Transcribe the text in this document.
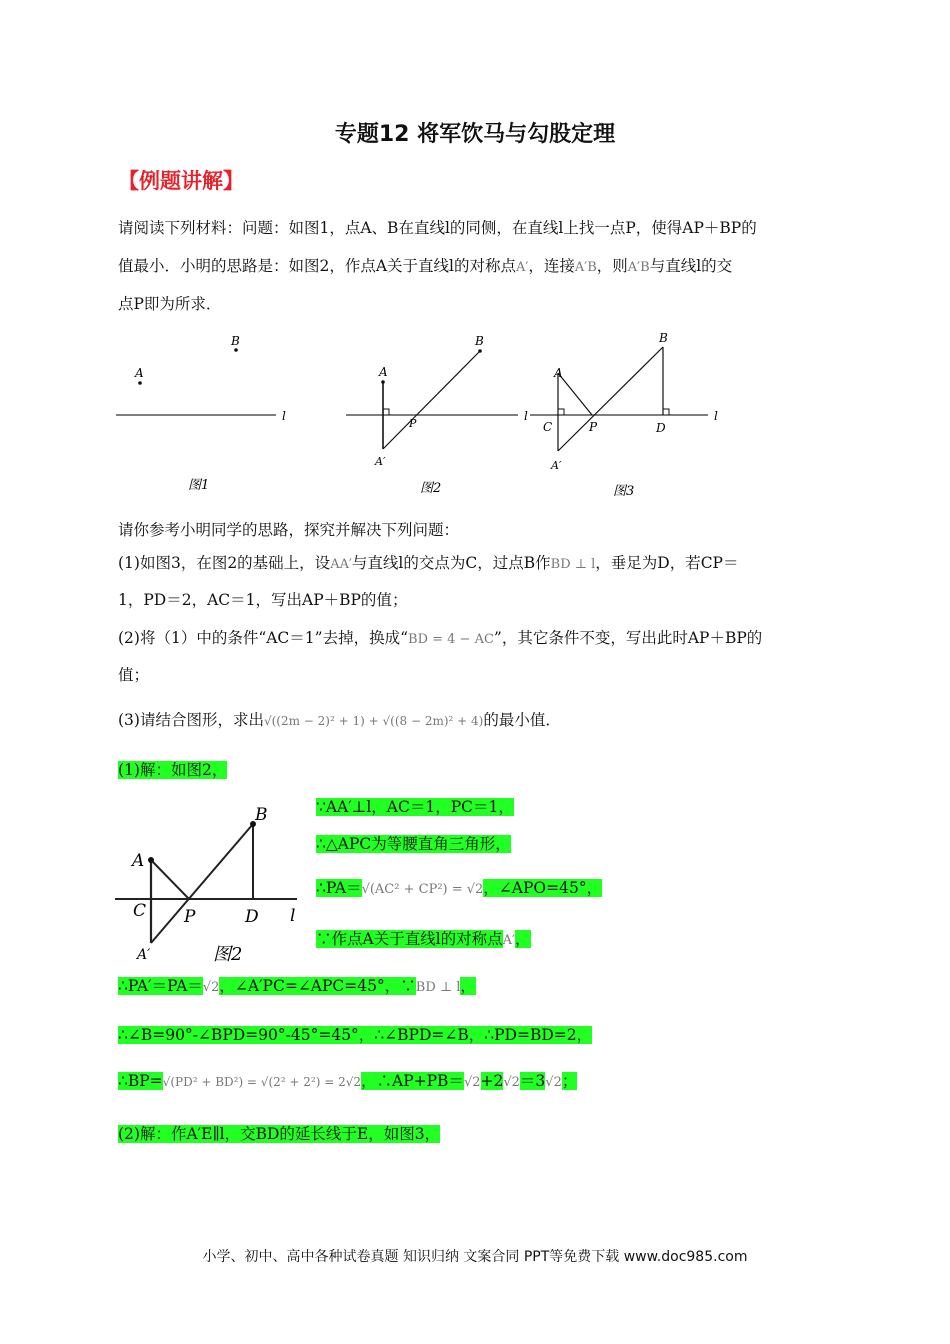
专题12 将军饮马与勾股定理
【例题讲解】
请阅读下列材料：问题：如图1，点A、B在直线l的同侧，在直线l上找一点P，使得AP＋BP的
值最小．小明的思路是：如图2，作点A关于直线l的对称点A′，连接A′B，则A′B与直线l的交
点P即为所求．
A
B
l
图1
A
B
P
A′
l
图2
A
B
C	P	D
A′
l
图3
请你参考小明同学的思路，探究并解决下列问题：
(1)如图3，在图2的基础上，设AA′与直线l的交点为C，过点B作BD ⊥ l，垂足为D，若CP＝
1，PD＝2，AC＝1，写出AP＋BP的值；
(2)将（1）中的条件“AC＝1”去掉，换成“BD = 4 − AC”，其它条件不变，写出此时AP＋BP的
值；
(3)请结合图形，求出√((2m − 2)² + 1) + √((8 − 2m)² + 4)的最小值．
(1)解：如图2，
A
B
C P	D l
A′	图2
∵AA′⊥l，AC＝1，PC＝1，
∴△APC为等腰直角三角形，
∴PA＝√(AC² + CP²) = √2，∠APO=45°，
∵作点A关于直线l的对称点A′，
∴PA′＝PA＝√2，∠A′PC=∠APC=45°，∵BD ⊥ l，
∴∠B=90°-∠BPD=90°-45°=45°，∴∠BPD=∠B，∴PD=BD=2，
∴BP=√(PD² + BD²) = √(2² + 2²) = 2√2，∴AP+PB＝√2+2√2＝3√2；
(2)解：作A′E∥l，交BD的延长线于E，如图3，
小学、初中、高中各种试卷真题 知识归纳 文案合同 PPT等免费下载 www.doc985.com
